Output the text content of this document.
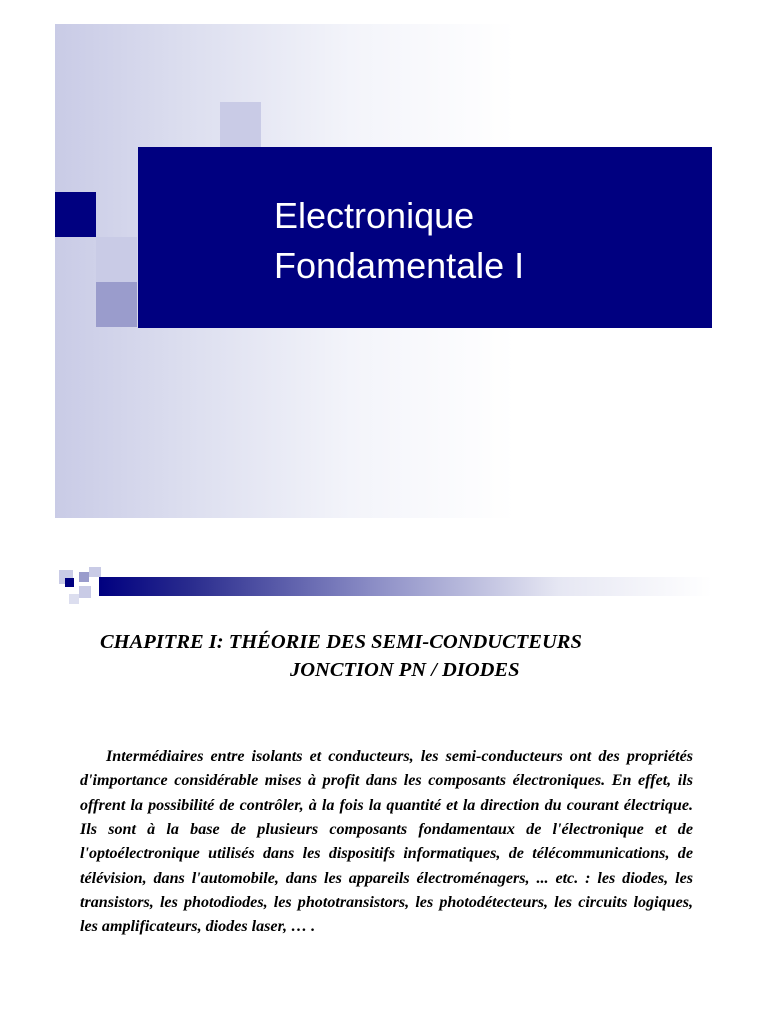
Electronique
Fondamentale I
CHAPITRE I: THÉORIE DES SEMI-CONDUCTEURS
JONCTION PN / DIODES

Intermédiaires entre isolants et conducteurs, les semi-conducteurs ont des propriétés d'importance considérable mises à profit dans les composants électroniques. En effet, ils offrent la possibilité de contrôler, à la fois la quantité et la direction du courant électrique. Ils sont à la base de plusieurs composants fondamentaux de l'électronique et de l'optoélectronique utilisés dans les dispositifs informatiques, de télécommunications, de télévision, dans l'automobile, dans les appareils électroménagers, ... etc. : les diodes, les transistors, les photodiodes, les phototransistors, les photodétecteurs, les circuits logiques, les amplificateurs, diodes laser, … .
